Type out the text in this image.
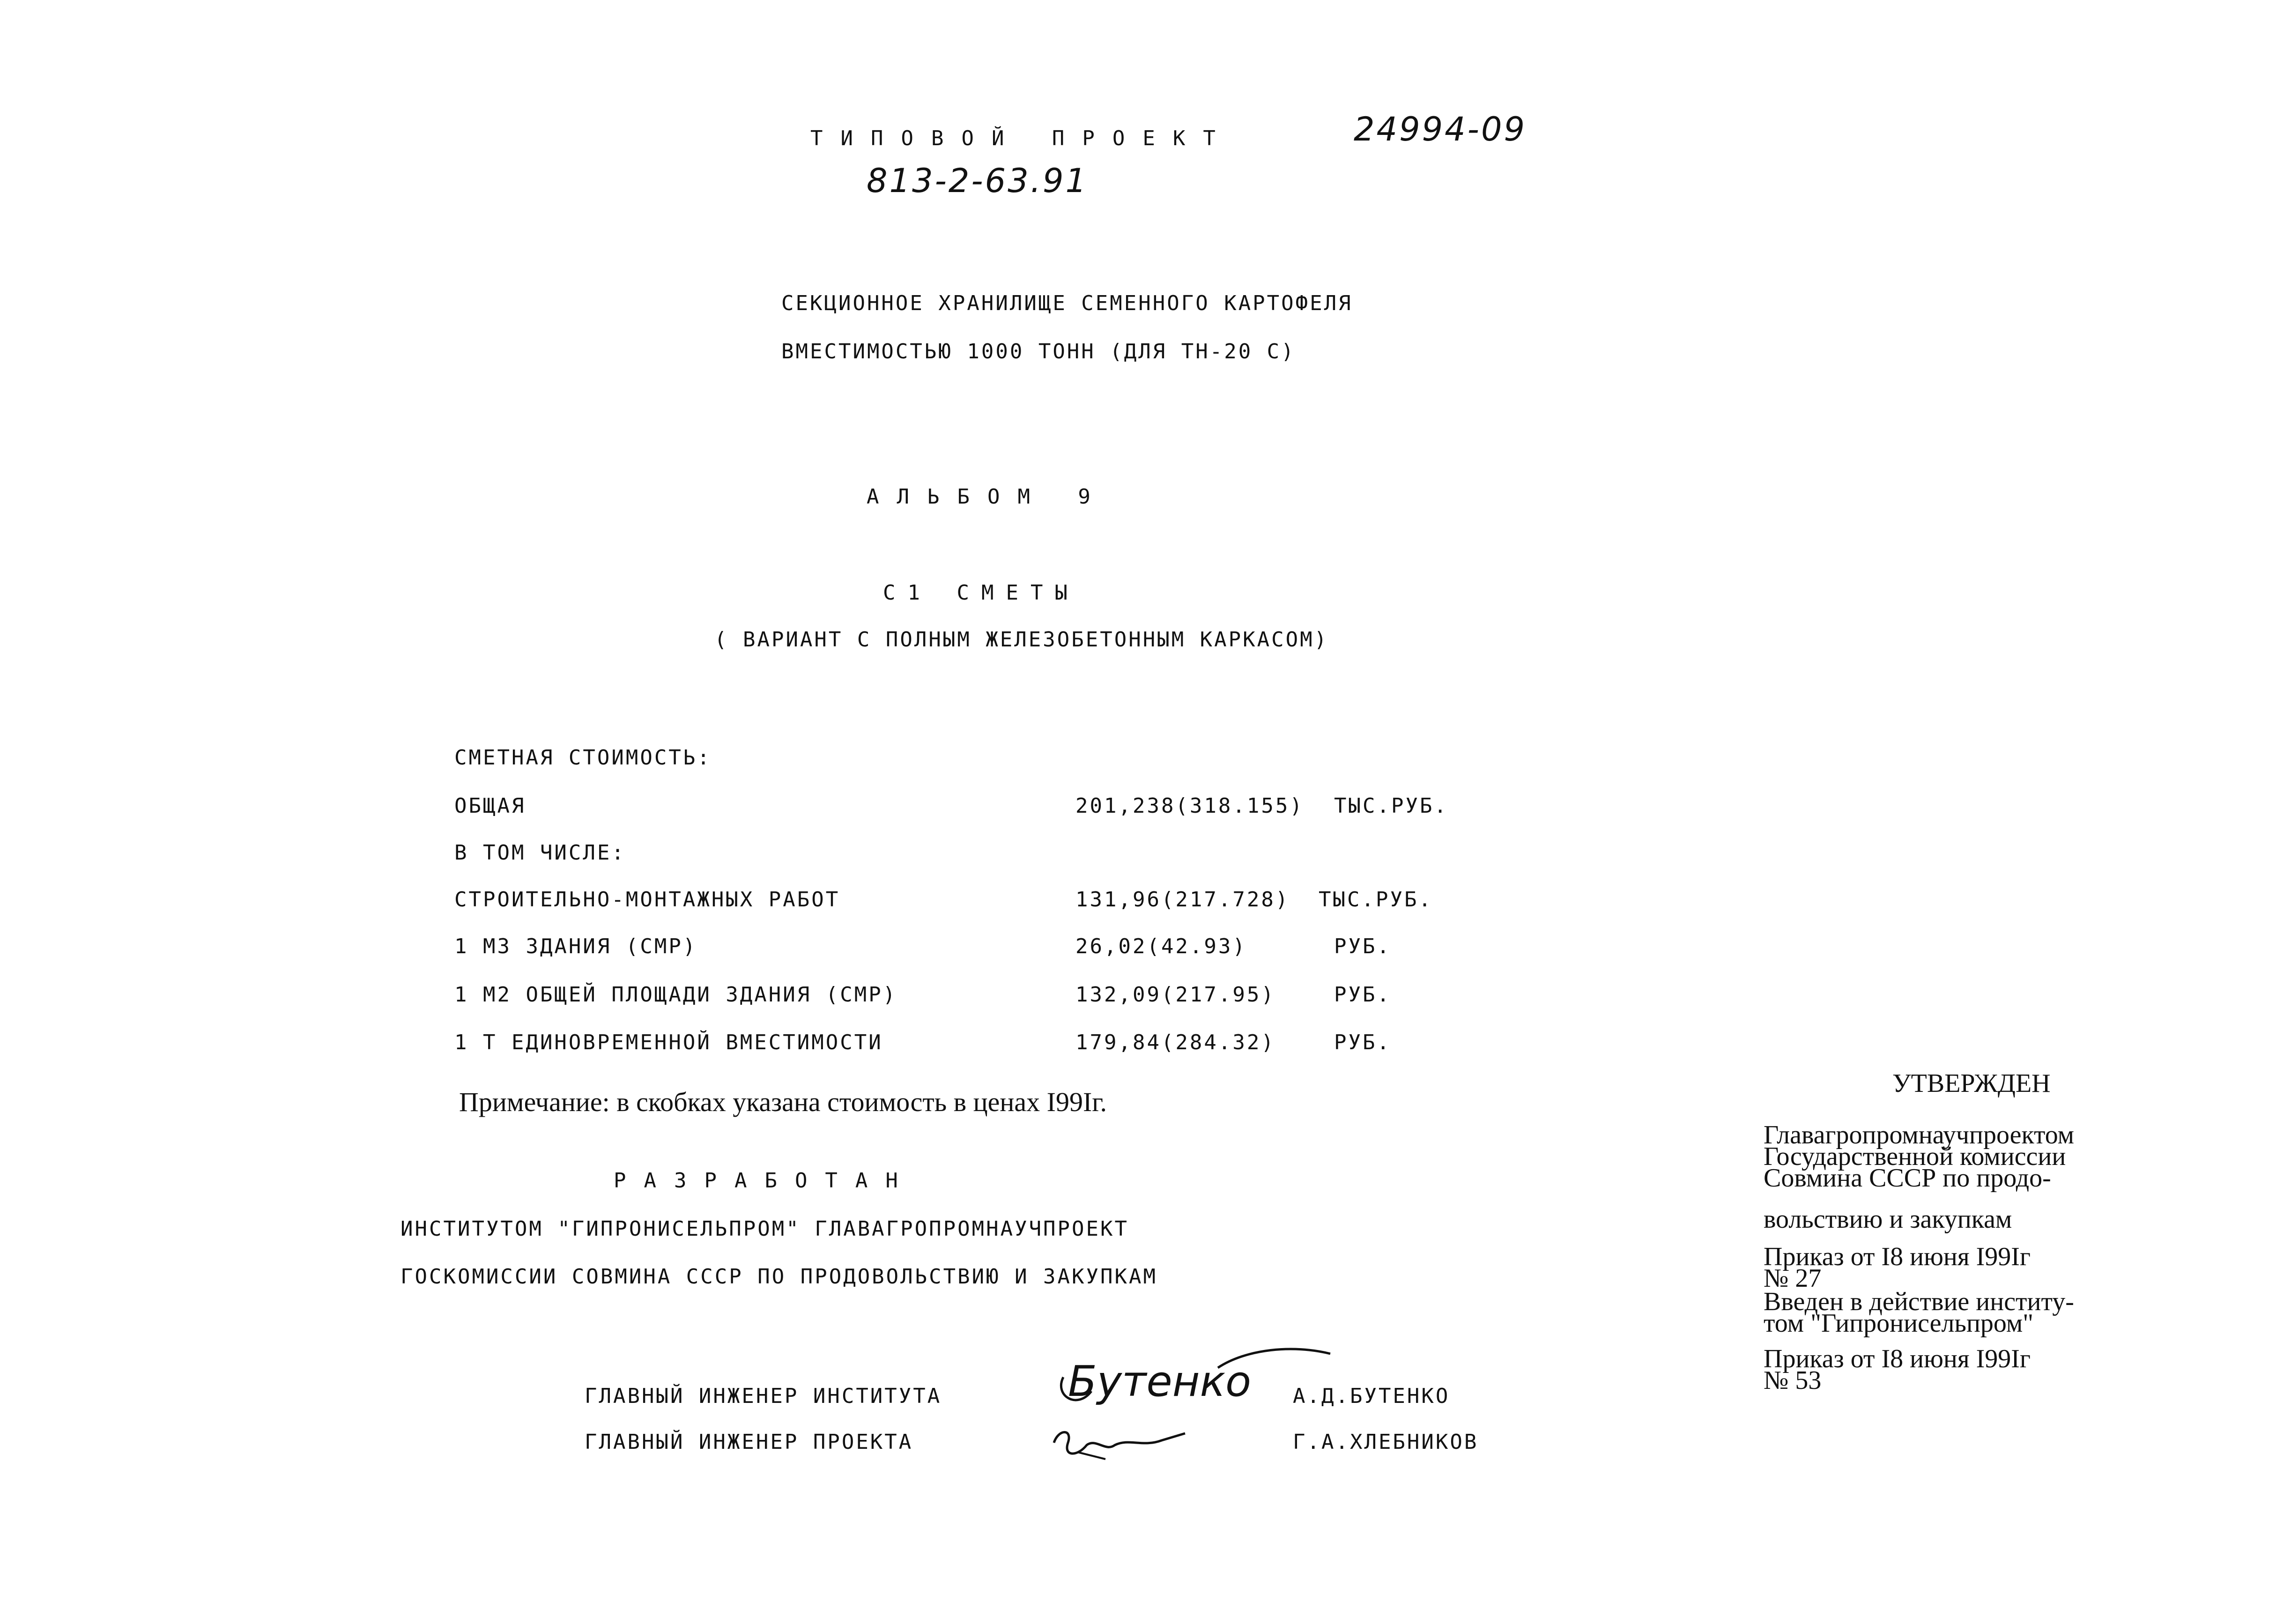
ТИПОВОЙ ПРОЕКТ
813-2-63.91
24994-09
СЕКЦИОННОЕ ХРАНИЛИЩЕ СЕМЕННОГО КАРТОФЕЛЯ
ВМЕСТИМОСТЬЮ 1000 ТОНН (ДЛЯ ТН-20 С)
АЛЬБОМ 9
С1 СМЕТЫ
( ВАРИАНТ С ПОЛНЫМ ЖЕЛЕЗОБЕТОННЫМ КАРКАСОМ)
СМЕТНАЯ СТОИМОСТЬ:
ОБЩАЯ	201,238(318.155) ТЫС.РУБ.
В ТОМ ЧИСЛЕ:
СТРОИТЕЛЬНО-МОНТАЖНЫХ РАБОТ	131,96(217.728) ТЫС.РУБ.
1 М3 ЗДАНИЯ (СМР)	26,02(42.93)	РУБ.
1 М2 ОБЩЕЙ ПЛОЩАДИ ЗДАНИЯ (СМР)	132,09(217.95)	РУБ.
1 Т ЕДИНОВРЕМЕННОЙ ВМЕСТИМОСТИ	179,84(284.32)	РУБ.
Примечание: в скобках указана стоимость в ценах I99Iг.
РАЗРАБОТАН
ИНСТИТУТОМ "ГИПРОНИСЕЛЬПРОМ" ГЛАВАГРОПРОМНАУЧПРОЕКТ
ГОСКОМИССИИ СОВМИНА СССР ПО ПРОДОВОЛЬСТВИЮ И ЗАКУПКАМ
ГЛАВНЫЙ ИНЖЕНЕР ИНСТИТУТА	Бутенко А.Д.БУТЕНКО
ГЛАВНЫЙ ИНЖЕНЕР ПРОЕКТА	Г.А.ХЛЕБНИКОВ
УТВЕРЖДЕН
Главагропромнаучпроектом
Государственной комиссии
Совмина СССР по продо-
вольствию и закупкам
Приказ от I8 июня I99Iг
№ 27
Введен в действие институ-
том "Гипронисельпром"
Приказ от I8 июня I99Iг
№ 53
